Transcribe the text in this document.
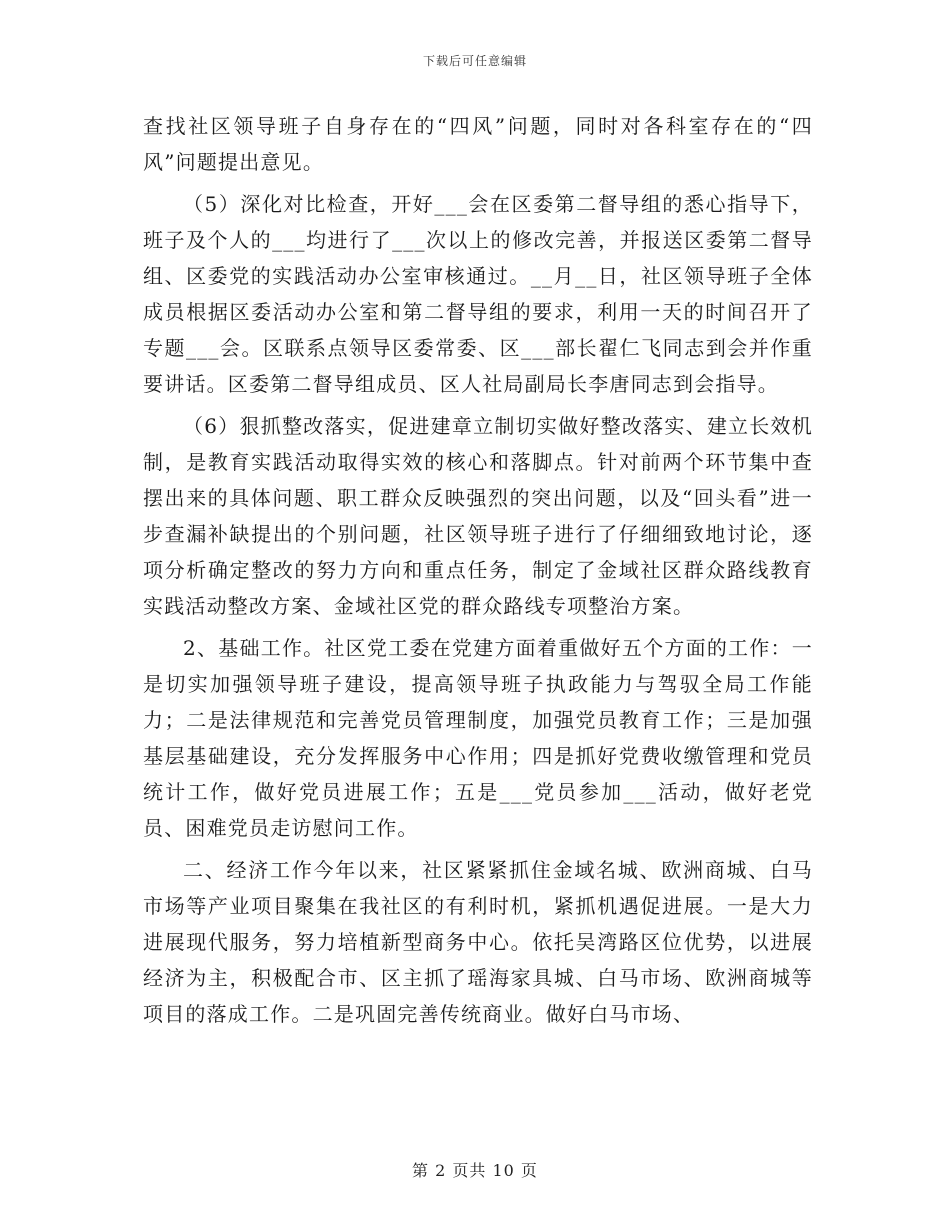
下载后可任意编辑

查找社区领导班子自身存在的“四风”问题，同时对各科室存在的“四风”问题提出意见。

（5）深化对比检查，开好___会在区委第二督导组的悉心指导下，班子及个人的___均进行了___次以上的修改完善，并报送区委第二督导组、区委党的实践活动办公室审核通过。__月__日，社区领导班子全体成员根据区委活动办公室和第二督导组的要求，利用一天的时间召开了专题___会。区联系点领导区委常委、区___部长翟仁飞同志到会并作重要讲话。区委第二督导组成员、区人社局副局长李唐同志到会指导。

（6）狠抓整改落实，促进建章立制切实做好整改落实、建立长效机制，是教育实践活动取得实效的核心和落脚点。针对前两个环节集中查摆出来的具体问题、职工群众反映强烈的突出问题，以及“回头看”进一步查漏补缺提出的个别问题，社区领导班子进行了仔细细致地讨论，逐项分析确定整改的努力方向和重点任务，制定了金域社区群众路线教育实践活动整改方案、金域社区党的群众路线专项整治方案。

2、基础工作。社区党工委在党建方面着重做好五个方面的工作：一是切实加强领导班子建设，提高领导班子执政能力与驾驭全局工作能力；二是法律规范和完善党员管理制度，加强党员教育工作；三是加强基层基础建设，充分发挥服务中心作用；四是抓好党费收缴管理和党员统计工作，做好党员进展工作；五是___党员参加___活动，做好老党员、困难党员走访慰问工作。

二、经济工作今年以来，社区紧紧抓住金域名城、欧洲商城、白马市场等产业项目聚集在我社区的有利时机，紧抓机遇促进展。一是大力进展现代服务，努力培植新型商务中心。依托吴湾路区位优势，以进展经济为主，积极配合市、区主抓了瑶海家具城、白马市场、欧洲商城等项目的落成工作。二是巩固完善传统商业。做好白马市场、

第 2 页共 10 页
